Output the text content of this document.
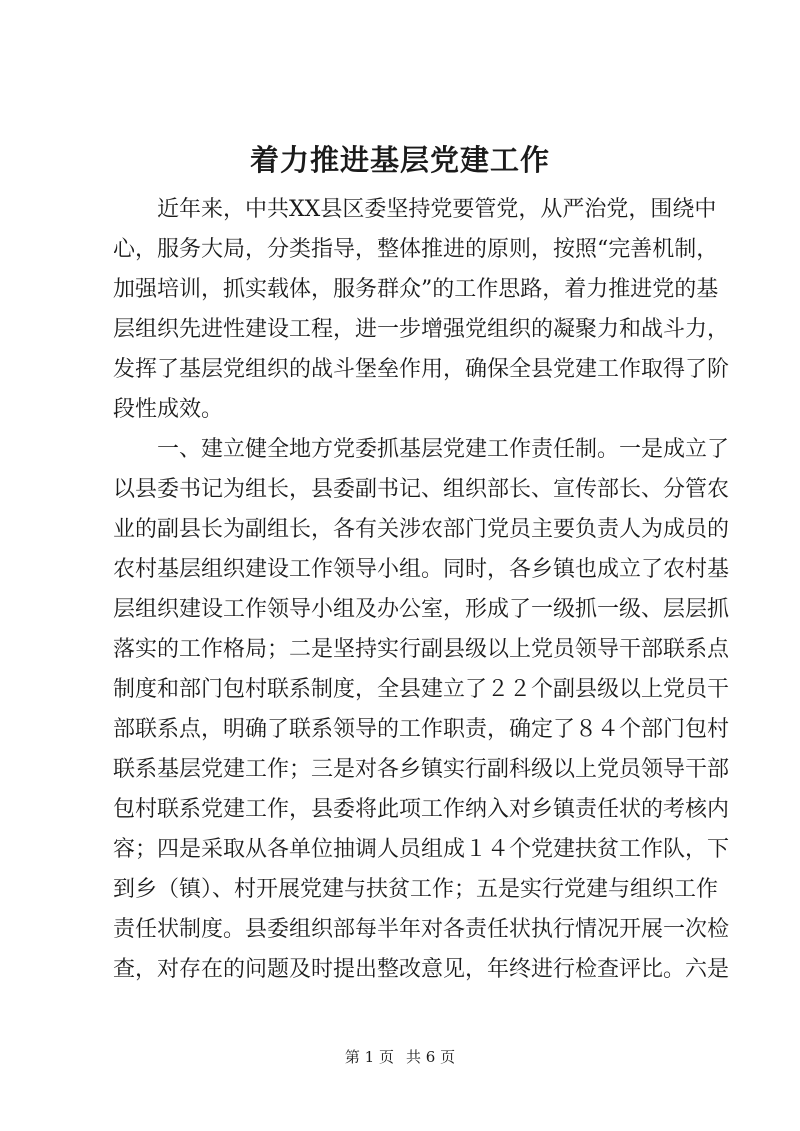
着力推进基层党建工作
近年来，中共XX县区委坚持党要管党，从严治党，围绕中
心，服务大局，分类指导，整体推进的原则，按照“完善机制，
加强培训，抓实载体，服务群众”的工作思路，着力推进党的基
层组织先进性建设工程，进一步增强党组织的凝聚力和战斗力，
发挥了基层党组织的战斗堡垒作用，确保全县党建工作取得了阶
段性成效。
一、建立健全地方党委抓基层党建工作责任制。一是成立了
以县委书记为组长，县委副书记、组织部长、宣传部长、分管农
业的副县长为副组长，各有关涉农部门党员主要负责人为成员的
农村基层组织建设工作领导小组。同时，各乡镇也成立了农村基
层组织建设工作领导小组及办公室，形成了一级抓一级、层层抓
落实的工作格局；二是坚持实行副县级以上党员领导干部联系点
制度和部门包村联系制度，全县建立了２２个副县级以上党员干
部联系点，明确了联系领导的工作职责，确定了８４个部门包村
联系基层党建工作；三是对各乡镇实行副科级以上党员领导干部
包村联系党建工作，县委将此项工作纳入对乡镇责任状的考核内
容；四是采取从各单位抽调人员组成１４个党建扶贫工作队，下
到乡（镇）、村开展党建与扶贫工作；五是实行党建与组织工作
责任状制度。县委组织部每半年对各责任状执行情况开展一次检
查，对存在的问题及时提出整改意见，年终进行检查评比。六是
第 1 页 共 6 页
